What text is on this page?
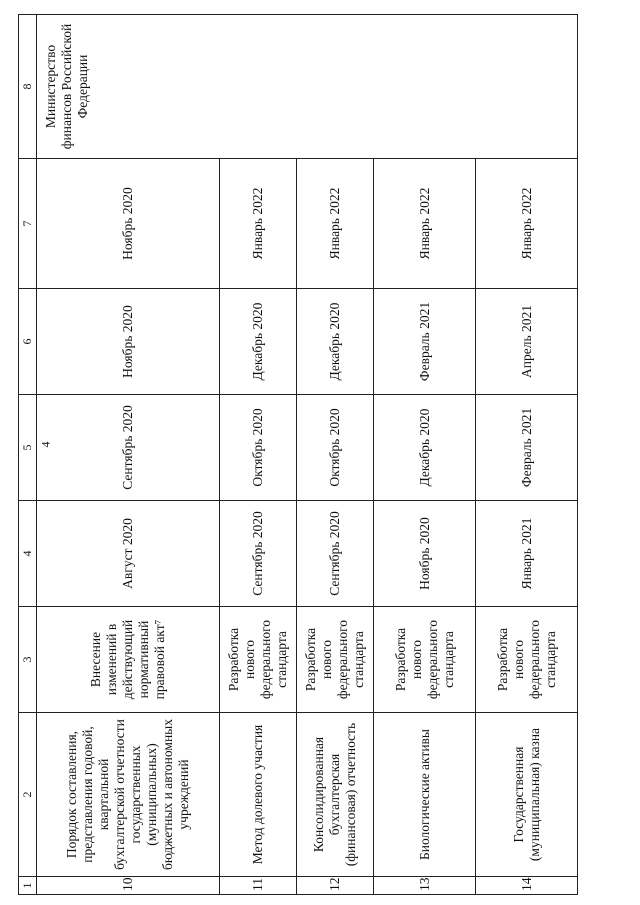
4
1	2	3	4	5	6	7	8
10	Порядок составления, представления годовой, квартальной бухгалтерской отчетности государственных (муниципальных) бюджетных и автономных учреждений	Внесение изменений в действующий нормативный правовой акт⁷	Август 2020	Сентябрь 2020	Ноябрь 2020	Ноябрь 2020	Министерство финансов Российской Федерации
11	Метод долевого участия	Разработка нового федерального стандарта	Сентябрь 2020	Октябрь 2020	Декабрь 2020	Январь 2022	
12	Консолидированная бухгалтерская (финансовая) отчетность	Разработка нового федерального стандарта	Сентябрь 2020	Октябрь 2020	Декабрь 2020	Январь 2022	
13	Биологические активы	Разработка нового федерального стандарта	Ноябрь 2020	Декабрь 2020	Февраль 2021	Январь 2022	
14	Государственная (муниципальная) казна	Разработка нового федерального стандарта	Январь 2021	Февраль 2021	Апрель 2021	Январь 2022	
